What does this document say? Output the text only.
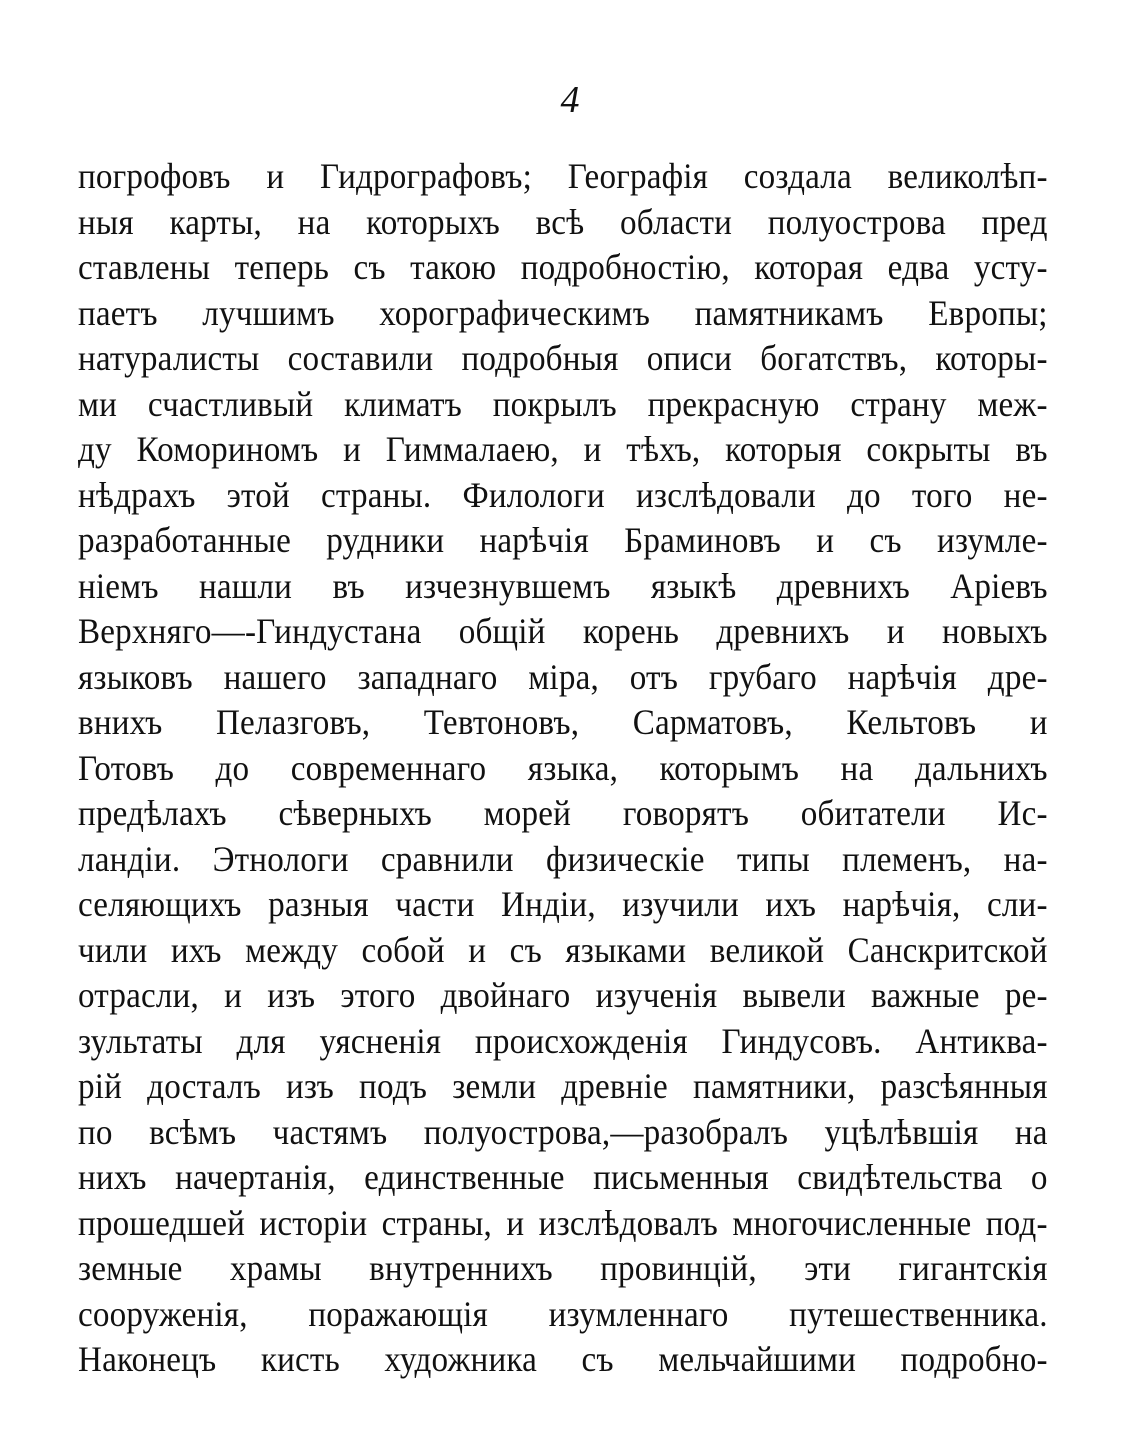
4
погрофовъ и Гидрографовъ; Географія создала великолѣп-
ныя карты, на которыхъ всѣ области полуострова пред
ставлены теперь съ такою подробностію, которая едва усту-
паетъ лучшимъ хорографическимъ памятникамъ Европы;
натуралисты составили подробныя описи богатствъ, которы-
ми счастливый климатъ покрылъ прекрасную страну меж-
ду Комориномъ и Гиммалаею, и тѣхъ, которыя сокрыты въ
нѣдрахъ этой страны. Филологи изслѣдовали до того не-
разработанные рудники нарѣчія Браминовъ и съ изумле-
ніемъ нашли въ изчезнувшемъ языкѣ древнихъ Аріевъ
Верхняго—-Гиндустана общій корень древнихъ и новыхъ
языковъ нашего западнаго міра, отъ грубаго нарѣчія дре-
внихъ Пелазговъ, Тевтоновъ, Сарматовъ, Кельтовъ и
Готовъ до современнаго языка, которымъ на дальнихъ
предѣлахъ сѣверныхъ морей говорятъ обитатели Ис-
ландіи. Этнологи сравнили физическіе типы племенъ, на-
селяющихъ разныя части Индіи, изучили ихъ нарѣчія, сли-
чили ихъ между собой и съ языками великой Санскритской
отрасли, и изъ этого двойнаго изученія вывели важные ре-
зультаты для уясненія происхожденія Гиндусовъ. Антиква-
рій досталъ изъ подъ земли древніе памятники, разсѣянныя
по всѣмъ частямъ полуострова,—разобралъ уцѣлѣвшія на
нихъ начертанія, единственные письменныя свидѣтельства о
прошедшей исторіи страны, и изслѣдовалъ многочисленные под-
земные храмы внутреннихъ провинцій, эти гигантскія
сооруженія, поражающія изумленнаго путешественника.
Наконецъ кисть художника съ мельчайшими подробно-
